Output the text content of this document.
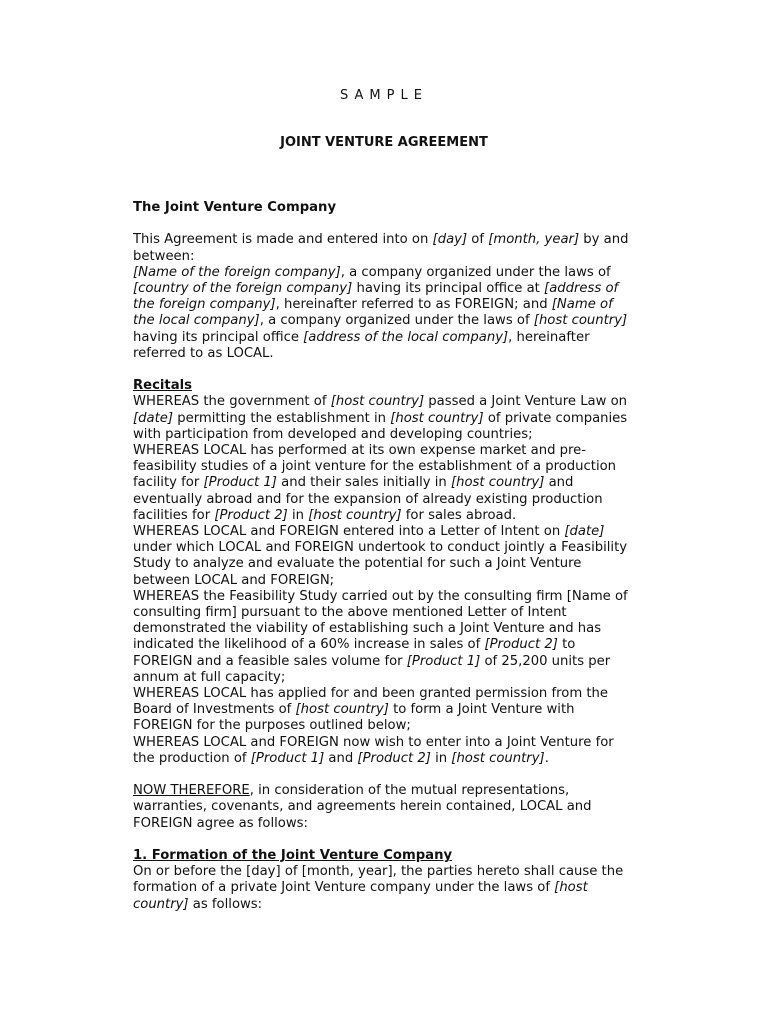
SAMPLE
JOINT VENTURE AGREEMENT

The Joint Venture Company

This Agreement is made and entered into on [day] of [month, year] by and between:
[Name of the foreign company], a company organized under the laws of [country of the foreign company] having its principal office at [address of the foreign company], hereinafter referred to as FOREIGN; and [Name of the local company], a company organized under the laws of [host country] having its principal office [address of the local company], hereinafter referred to as LOCAL.

Recitals

WHEREAS the government of [host country] passed a Joint Venture Law on [date] permitting the establishment in [host country] of private companies with participation from developed and developing countries;
WHEREAS LOCAL has performed at its own expense market and pre-feasibility studies of a joint venture for the establishment of a production facility for [Product 1] and their sales initially in [host country] and eventually abroad and for the expansion of already existing production facilities for [Product 2] in [host country] for sales abroad.
WHEREAS LOCAL and FOREIGN entered into a Letter of Intent on [date] under which LOCAL and FOREIGN undertook to conduct jointly a Feasibility Study to analyze and evaluate the potential for such a Joint Venture between LOCAL and FOREIGN;
WHEREAS the Feasibility Study carried out by the consulting firm [Name of consulting firm] pursuant to the above mentioned Letter of Intent demonstrated the viability of establishing such a Joint Venture and has indicated the likelihood of a 60% increase in sales of [Product 2] to FOREIGN and a feasible sales volume for [Product 1] of 25,200 units per annum at full capacity;
WHEREAS LOCAL has applied for and been granted permission from the Board of Investments of [host country] to form a Joint Venture with FOREIGN for the purposes outlined below;
WHEREAS LOCAL and FOREIGN now wish to enter into a Joint Venture for the production of [Product 1] and [Product 2] in [host country].

NOW THEREFORE, in consideration of the mutual representations, warranties, covenants, and agreements herein contained, LOCAL and FOREIGN agree as follows:

1. Formation of the Joint Venture Company

On or before the [day] of [month, year], the parties hereto shall cause the formation of a private Joint Venture company under the laws of [host country] as follows:
